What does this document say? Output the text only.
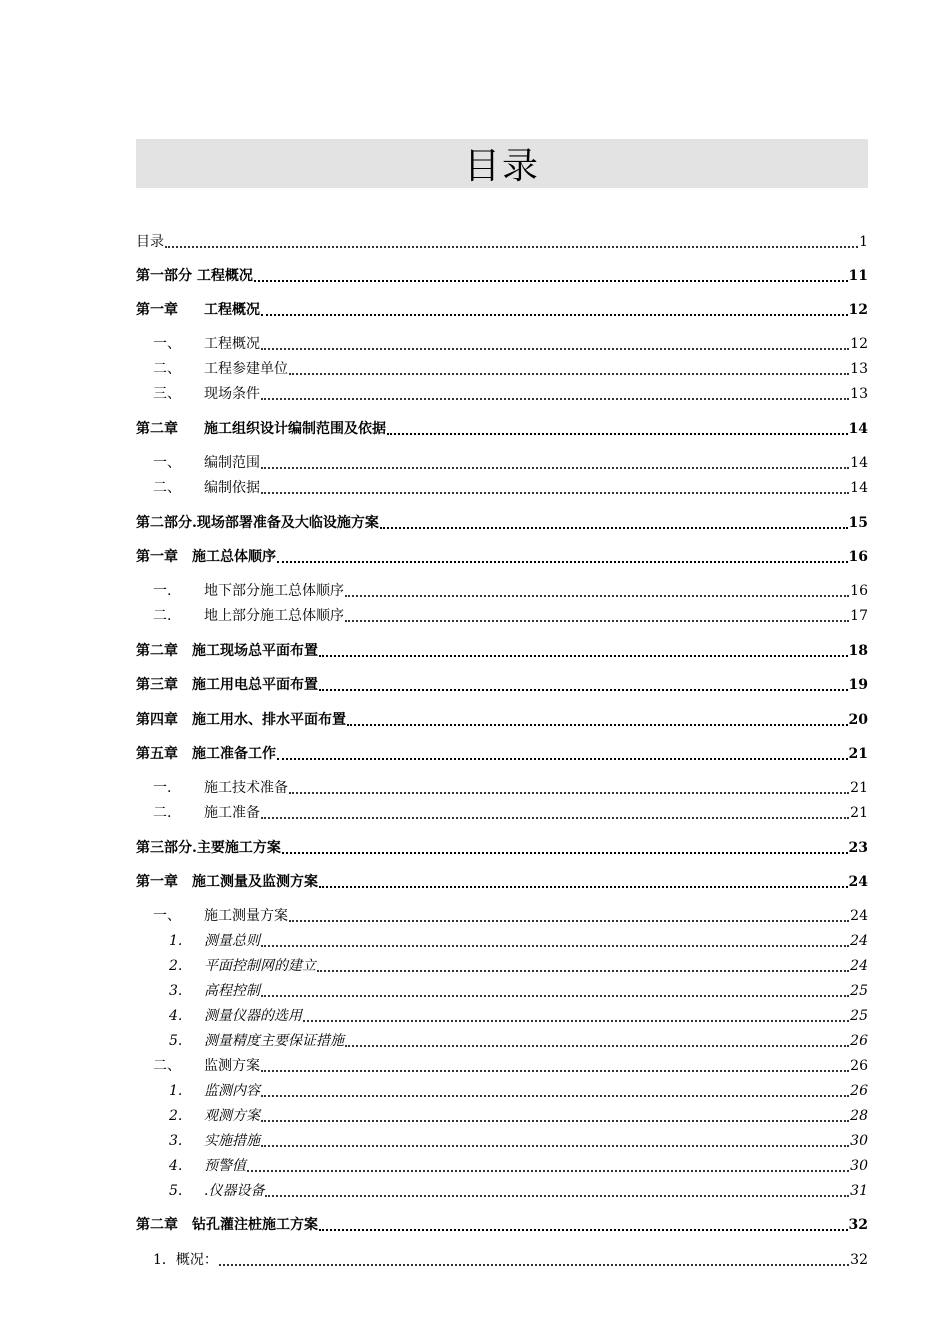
目录
目录	1
第一部分 工程概况	11
第一章	工程概况	12
一、	工程概况	12
二、	工程参建单位	13
三、	现场条件	13
第二章	施工组织设计编制范围及依据	14
一、	编制范围	14
二、	编制依据	14
第二部分.现场部署准备及大临设施方案	15
第一章	施工总体顺序	16
一.	地下部分施工总体顺序	16
二.	地上部分施工总体顺序	17
第二章	施工现场总平面布置	18
第三章	施工用电总平面布置	19
第四章	施工用水、排水平面布置	20
第五章	施工准备工作	21
一.	施工技术准备	21
二.	施工准备	21
第三部分.主要施工方案	23
第一章	施工测量及监测方案	24
一、	施工测量方案	24
1.	测量总则	24
2.	平面控制网的建立	24
3.	高程控制	25
4.	测量仪器的选用	25
5.	测量精度主要保证措施	26
二、	监测方案	26
1.	监测内容	26
2.	观测方案	28
3.	实施措施	30
4.	预警值	30
5.	.仪器设备	31
第二章	钻孔灌注桩施工方案	32
1．概况：	32
